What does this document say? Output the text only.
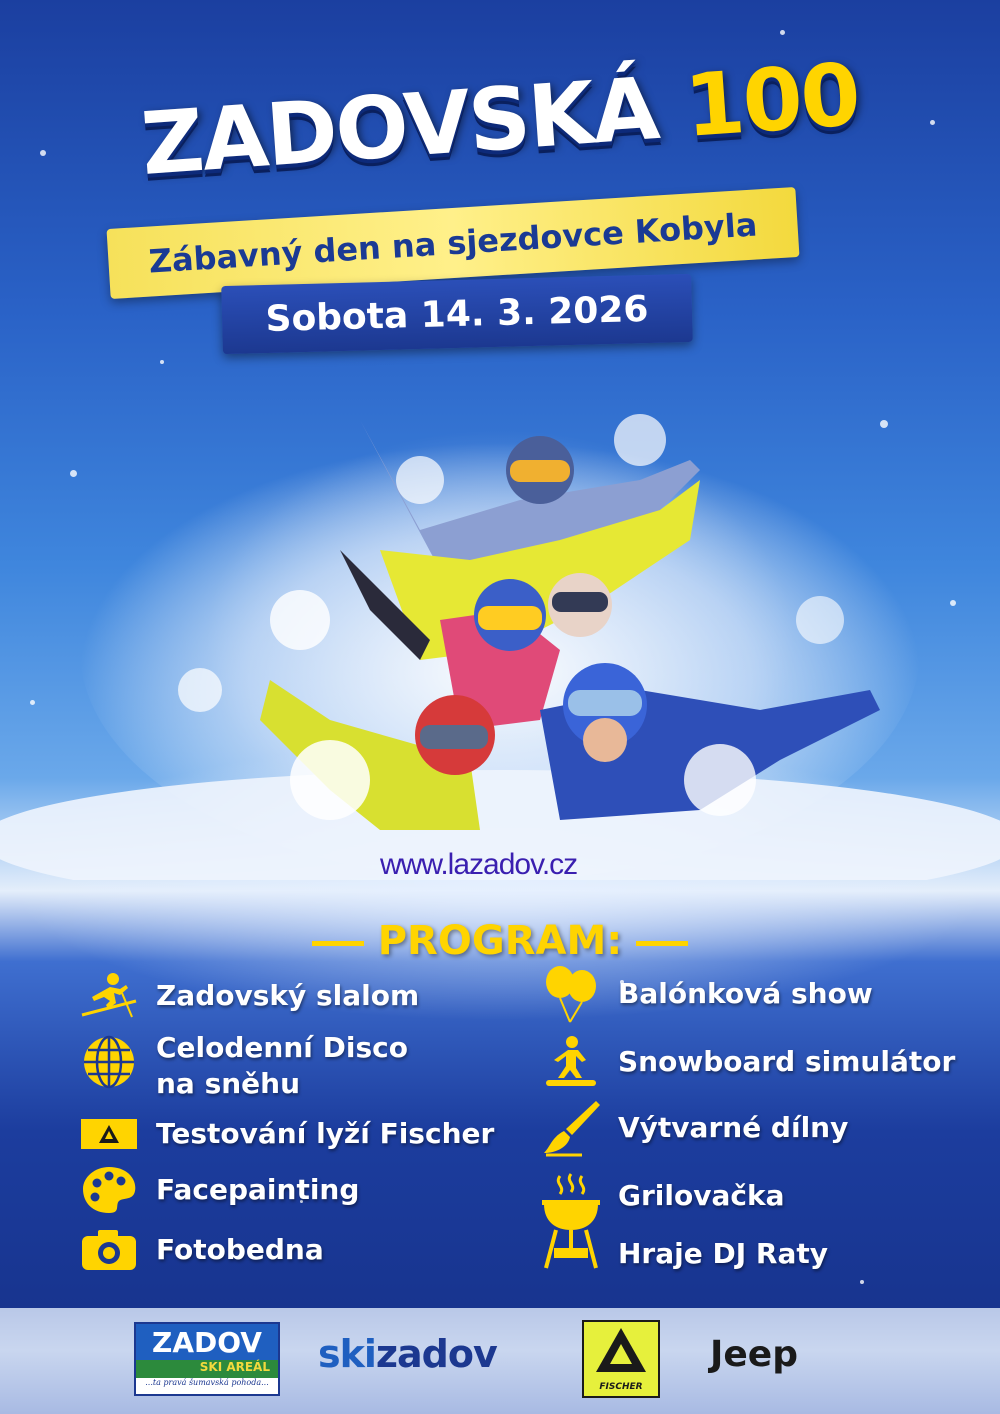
ZADOVSKÁ 100
Zábavný den na sjezdovce Kobyla
Sobota 14. 3. 2026
www.lazadov.cz
PROGRAM:
Zadovský slalom
Celodenní Disco na sněhu
Testování lyží Fischer
Facepainting
Fotobedna
Balónková show
Snowboard simulátor
Výtvarné dílny
Grilovačka
Hraje DJ Raty
ZADOV
SKI AREÁL
...ta pravá šumavská pohoda...
skizadov
FISCHER
Jeep
